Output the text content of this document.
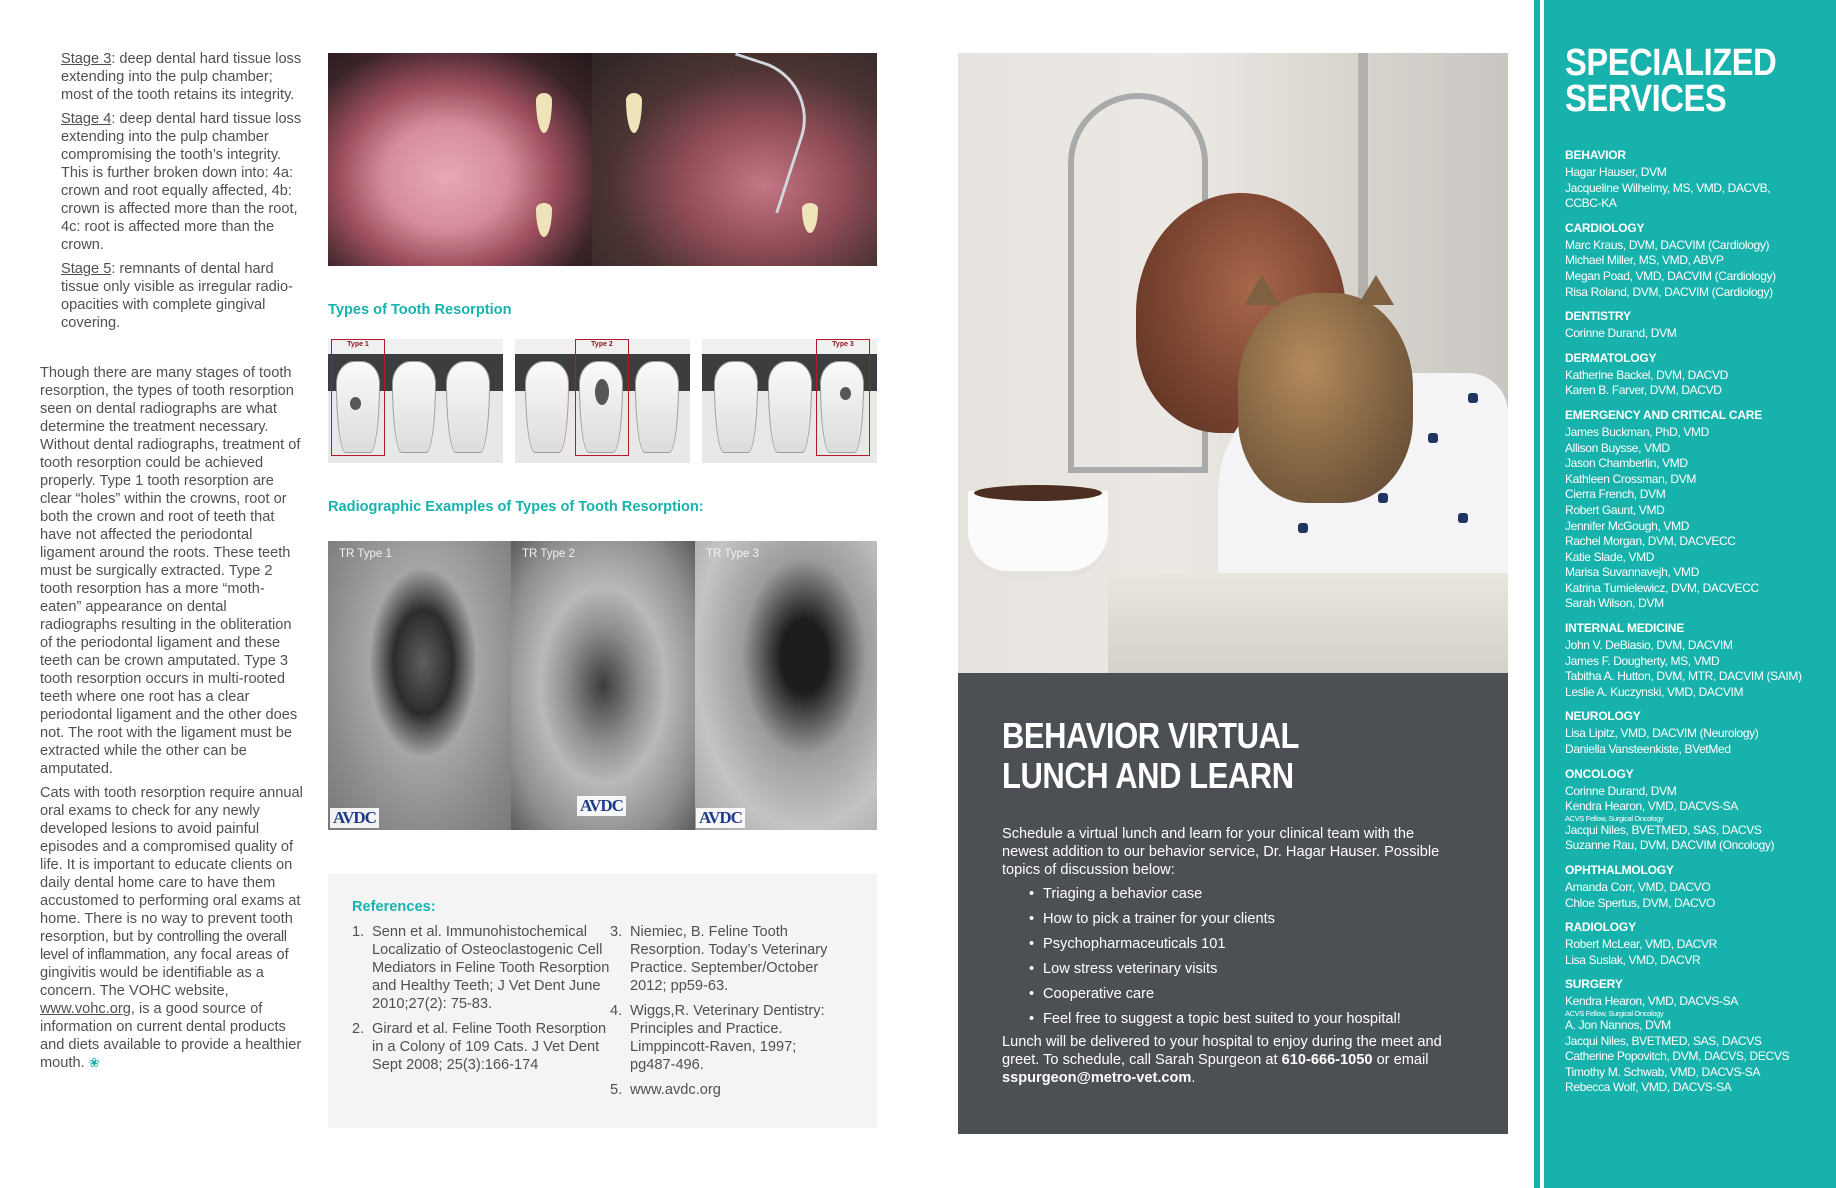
Stage 3: deep dental hard tissue loss extending into the pulp chamber; most of the tooth retains its integrity.

Stage 4: deep dental hard tissue loss extending into the pulp chamber compromising the tooth’s integrity. This is further broken down into: 4a: crown and root equally affected, 4b: crown is affected more than the root, 4c: root is affected more than the crown.

Stage 5: remnants of dental hard tissue only visible as irregular radio-opacities with complete gingival covering.

Though there are many stages of tooth resorption, the types of tooth resorption seen on dental radiographs are what determine the treatment necessary. Without dental radiographs, treatment of tooth resorption could be achieved properly. Type 1 tooth resorption are clear “holes” within the crowns, root or both the crown and root of teeth that have not affected the periodontal ligament around the roots. These teeth must be surgically extracted. Type 2 tooth resorption has a more “moth-eaten” appearance on dental radiographs resulting in the obliteration of the periodontal ligament and these teeth can be crown amputated. Type 3 tooth resorption occurs in multi-rooted teeth where one root has a clear periodontal ligament and the other does not. The root with the ligament must be extracted while the other can be amputated.

Cats with tooth resorption require annual oral exams to check for any newly developed lesions to avoid painful episodes and a compromised quality of life. It is important to educate clients on daily dental home care to have them accustomed to performing oral exams at home. There is no way to prevent tooth resorption, but by controlling the overall level of inflammation, any focal areas of gingivitis would be identifiable as a concern. The VOHC website, www.vohc.org, is a good source of information on current dental products and diets available to provide a healthier mouth. ❀

Types of Tooth Resorption
Type 1	Type 2	Type 3
Radiographic Examples of Types of Tooth Resorption:
TR Type 1
AVDC
TR Type 2
AVDC
TR Type 3
AVDC
References:
1. Senn et al. Immunohistochemical Localizatio of Osteoclastogenic Cell Mediators in Feline Tooth Resorption and Healthy Teeth; J Vet Dent June 2010;27(2): 75-83.
2. Girard et al. Feline Tooth Resorption in a Colony of 109 Cats. J Vet Dent Sept 2008; 25(3):166-174
3. Niemiec, B. Feline Tooth Resorption. Today’s Veterinary Practice. September/October 2012; pp59-63.
4. Wiggs,R. Veterinary Dentistry: Principles and Practice. Limppincott-Raven, 1997; pg487-496.
5. www.avdc.org
BEHAVIOR VIRTUAL
LUNCH AND LEARN

Schedule a virtual lunch and learn for your clinical team with the newest addition to our behavior service, Dr. Hagar Hauser. Possible topics of discussion below:

• Triaging a behavior case
• How to pick a trainer for your clients
• Psychopharmaceuticals 101
• Low stress veterinary visits
• Cooperative care
• Feel free to suggest a topic best suited to your hospital!

Lunch will be delivered to your hospital to enjoy during the meet and greet. To schedule, call Sarah Spurgeon at 610-666-1050 or email sspurgeon@metro-vet.com.

SPECIALIZED
SERVICES
BEHAVIOR
Hagar Hauser, DVM
Jacqueline Wilhelmy, MS, VMD, DACVB,
CCBC-KA
CARDIOLOGY
Marc Kraus, DVM, DACVIM (Cardiology)
Michael Miller, MS, VMD, ABVP
Megan Poad, VMD, DACVIM (Cardiology)
Risa Roland, DVM, DACVIM (Cardiology)
DENTISTRY
Corinne Durand, DVM
DERMATOLOGY
Katherine Backel, DVM, DACVD
Karen B. Farver, DVM, DACVD
EMERGENCY AND CRITICAL CARE
James Buckman, PhD, VMD
Allison Buysse, VMD
Jason Chamberlin, VMD
Kathleen Crossman, DVM
Cierra French, DVM
Robert Gaunt, VMD
Jennifer McGough, VMD
Rachel Morgan, DVM, DACVECC
Katie Slade, VMD
Marisa Suvannavejh, VMD
Katrina Tumielewicz, DVM, DACVECC
Sarah Wilson, DVM
INTERNAL MEDICINE
John V. DeBiasio, DVM, DACVIM
James F. Dougherty, MS, VMD
Tabitha A. Hutton, DVM, MTR, DACVIM (SAIM)
Leslie A. Kuczynski, VMD, DACVIM
NEUROLOGY
Lisa Lipitz, VMD, DACVIM (Neurology)
Daniella Vansteenkiste, BVetMed
ONCOLOGY
Corinne Durand, DVM
Kendra Hearon, VMD, DACVS-SA
ACVS Fellow, Surgical Oncology
Jacqui Niles, BVETMED, SAS, DACVS
Suzanne Rau, DVM, DACVIM (Oncology)
OPHTHALMOLOGY
Amanda Corr, VMD, DACVO
Chloe Spertus, DVM, DACVO
RADIOLOGY
Robert McLear, VMD, DACVR
Lisa Suslak, VMD, DACVR
SURGERY
Kendra Hearon, VMD, DACVS-SA
ACVS Fellow, Surgical Oncology
A. Jon Nannos, DVM
Jacqui Niles, BVETMED, SAS, DACVS
Catherine Popovitch, DVM, DACVS, DECVS
Timothy M. Schwab, VMD, DACVS-SA
Rebecca Wolf, VMD, DACVS-SA
